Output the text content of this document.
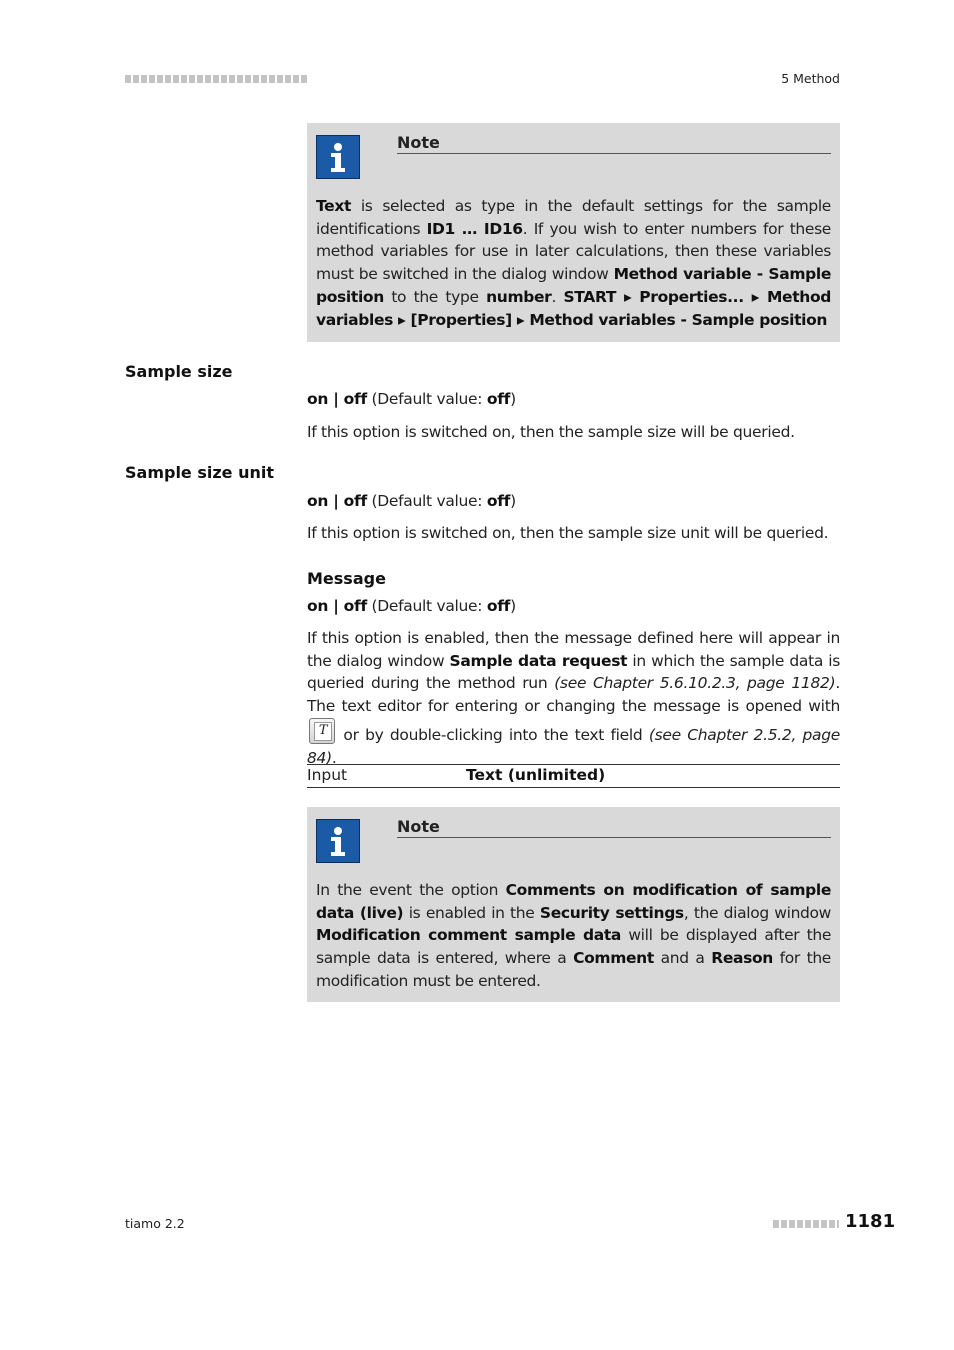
5 Method
Note
Text is selected as type in the default settings for the sample identifications ID1 … ID16. If you wish to enter numbers for these method variables for use in later calculations, then these variables must be switched in the dialog window Method variable - Sample position to the type number. START ▸ Properties... ▸ Method variables ▸ [Properties] ▸ Method variables - Sample position
Sample size
on | off (Default value: off)
If this option is switched on, then the sample size will be queried.
Sample size unit
on | off (Default value: off)
If this option is switched on, then the sample size unit will be queried.
Message
on | off (Default value: off)
If this option is enabled, then the message defined here will appear in the dialog window Sample data request in which the sample data is queried during the method run (see Chapter 5.6.10.2.3, page 1182). The text editor for entering or changing the message is opened with
T or by double-clicking into the text field (see Chapter 2.5.2, page 84).
Input	Text (unlimited)
Note
In the event the option Comments on modification of sample data (live) is enabled in the Security settings, the dialog window Modification comment sample data will be displayed after the sample data is entered, where a Comment and a Reason for the modification must be entered.
tiamo 2.2	1181
